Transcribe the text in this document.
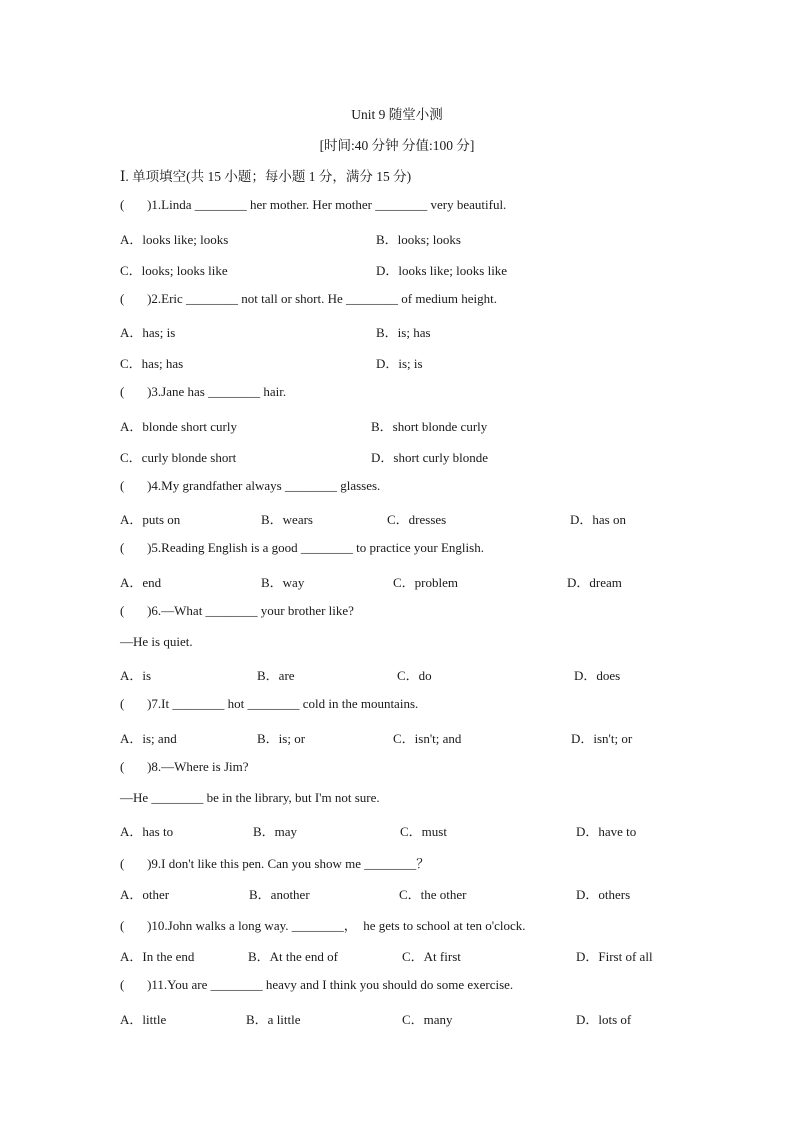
Unit 9 随堂小测
[时间:40 分钟 分值:100 分]
Ⅰ. 单项填空(共 15 小题；每小题 1 分，满分 15 分)
(       )1.Linda ________ her mother. Her mother ________ very beautiful.
A．looks like; looks	B．looks; looks
C．looks; looks like	D．looks like; looks like
(       )2.Eric ________ not tall or short. He ________ of medium height.
A．has; is	B．is; has
C．has; has	D．is; is
(       )3.Jane has ________ hair.
A．blonde short curly	B．short blonde curly
C．curly blonde short	D．short curly blonde
(       )4.My grandfather always ________ glasses.
A．puts on	B．wears	C．dresses	D．has on
(       )5.Reading English is a good ________ to practice your English.
A．end	B．way	C．problem	D．dream
(       )6.—What ________ your brother like?
—He is quiet.
A．is	B．are	C．do	D．does
(       )7.It ________ hot ________ cold in the mountains.
A．is; and	B．is; or	C．isn't; and	D．isn't; or
(       )8.—Where is Jim?
—He ________ be in the library, but I'm not sure.
A．has to	B．may	C．must	D．have to
(       )9.I don't like this pen. Can you show me ________？
A．other	B．another	C．the other	D．others
(       )10.John walks a long way. ________，  he gets to school at ten o'clock.
A．In the end	B．At the end of	C．At first	D．First of all
(       )11.You are ________ heavy and I think you should do some exercise.
A．little	B．a little	C．many	D．lots of
